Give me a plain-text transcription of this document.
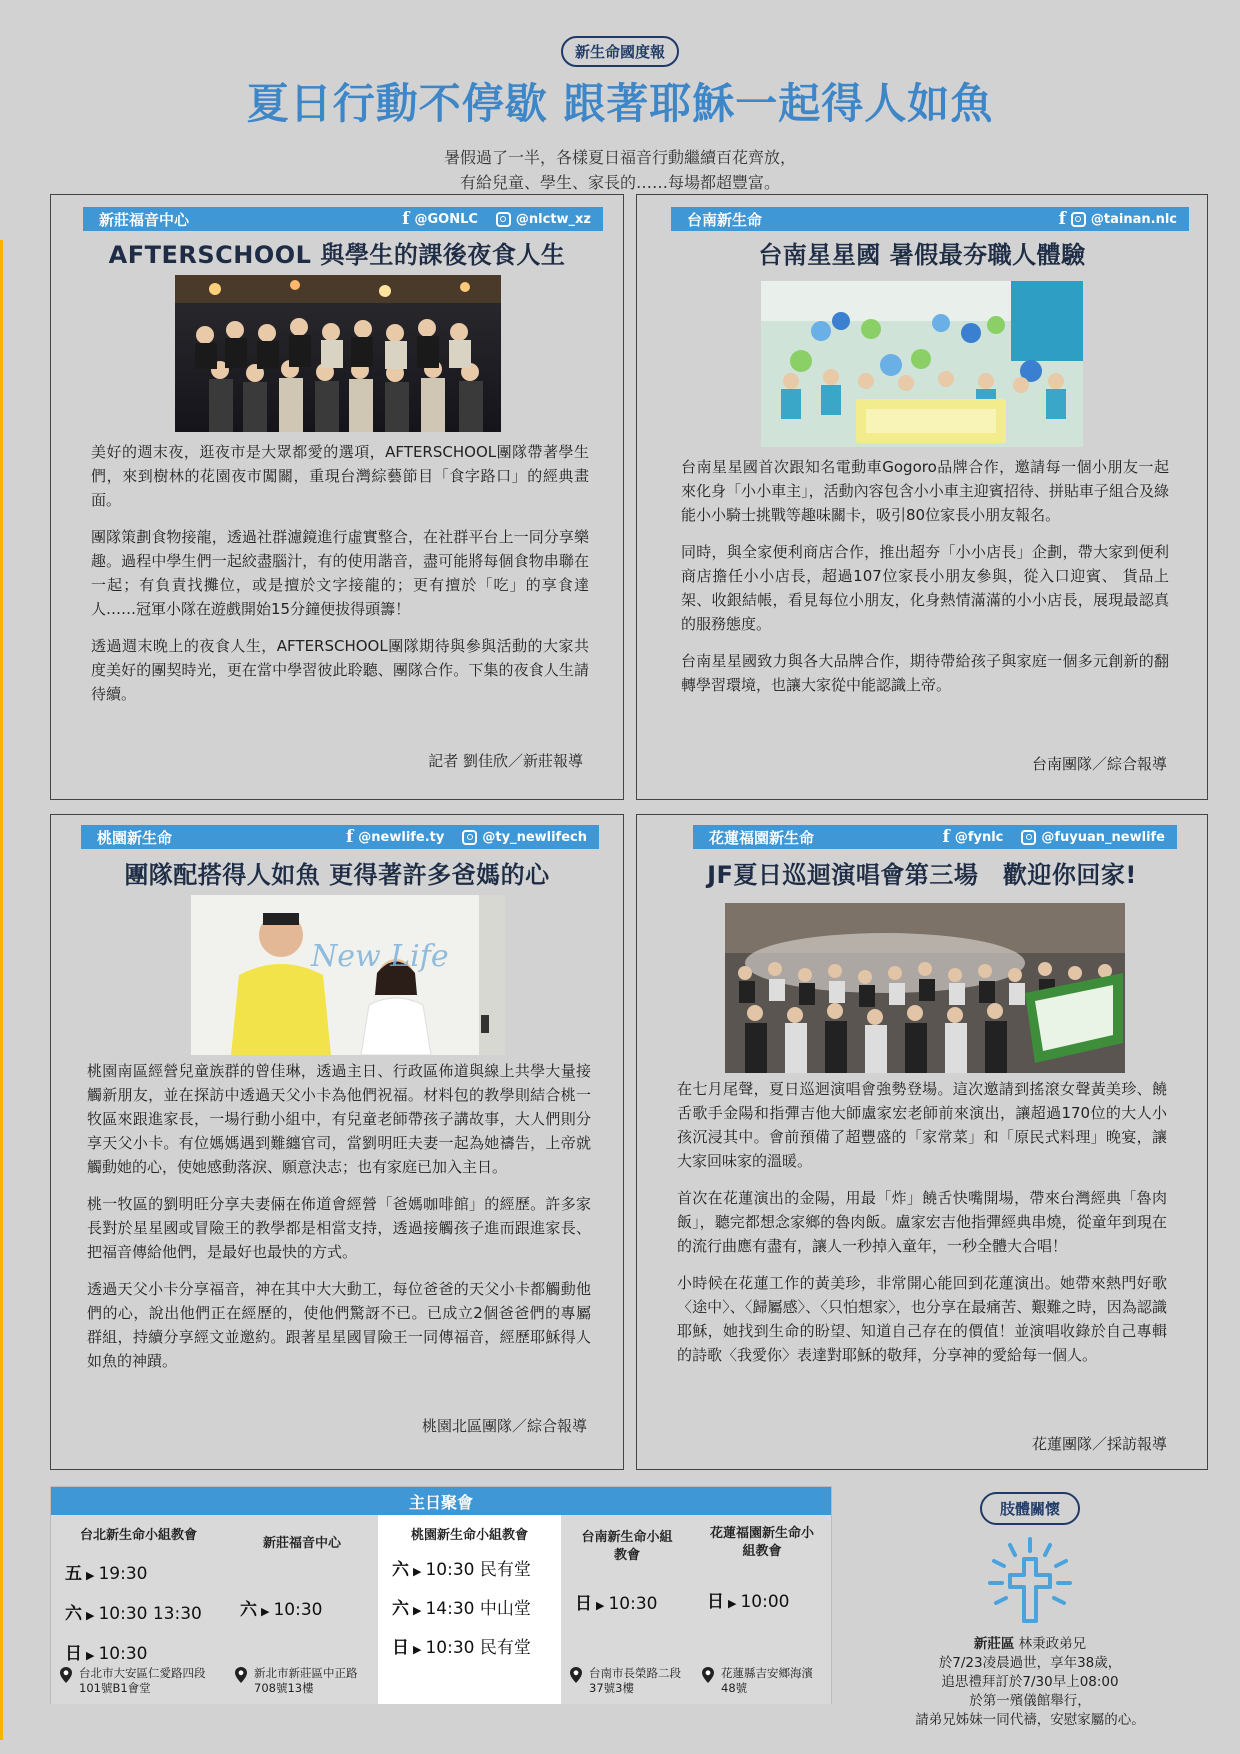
新生命國度報
夏日行動不停歇 跟著耶穌一起得人如魚
暑假過了一半，各樣夏日福音行動繼續百花齊放，
有給兒童、學生、家長的……每場都超豐富。
新莊福音中心	f @GONLC	@nlctw_xz
AFTERSCHOOL 與學生的課後夜食人生

美好的週末夜，逛夜市是大眾都愛的選項，AFTERSCHOOL團隊帶著學生們，來到樹林的花園夜市闖關，重現台灣綜藝節目「食字路口」的經典畫面。

團隊策劃食物接龍，透過社群濾鏡進行虛實整合，在社群平台上一同分享樂趣。過程中學生們一起絞盡腦汁，有的使用諧音，盡可能將每個食物串聯在一起；有負責找攤位，或是擅於文字接龍的；更有擅於「吃」的享食達人……冠軍小隊在遊戲開始15分鐘便拔得頭籌！

透過週末晚上的夜食人生，AFTERSCHOOL團隊期待與參與活動的大家共度美好的團契時光，更在當中學習彼此聆聽、團隊合作。下集的夜食人生請待續。

記者 劉佳欣／新莊報導
台南新生命	f @tainan.nlc
台南星星國 暑假最夯職人體驗

台南星星國首次跟知名電動車Gogoro品牌合作，邀請每一個小朋友一起來化身「小小車主」，活動內容包含小小車主迎賓招待、拼貼車子組合及綠能小小騎士挑戰等趣味關卡，吸引80位家長小朋友報名。

同時，與全家便利商店合作，推出超夯「小小店長」企劃，帶大家到便利商店擔任小小店長，超過107位家長小朋友參與，從入口迎賓、 貨品上架、收銀結帳，看見每位小朋友，化身熱情滿滿的小小店長，展現最認真的服務態度。

台南星星國致力與各大品牌合作，期待帶給孩子與家庭一個多元創新的翻轉學習環境，也讓大家從中能認識上帝。

台南團隊／綜合報導
桃園新生命	f @newlife.ty	@ty_newlifech
團隊配搭得人如魚 更得著許多爸媽的心
New Life

桃園南區經營兒童族群的曾佳琳，透過主日、行政區佈道與線上共學大量接觸新朋友，並在探訪中透過天父小卡為他們祝福。材料包的教學則結合桃一牧區來跟進家長，一場行動小組中，有兒童老師帶孩子講故事，大人們則分享天父小卡。有位媽媽遇到難纏官司，當劉明旺夫妻一起為她禱告，上帝就觸動她的心，使她感動落淚、願意決志；也有家庭已加入主日。

桃一牧區的劉明旺分享夫妻倆在佈道會經營「爸媽咖啡館」的經歷。許多家長對於星星國或冒險王的教學都是相當支持，透過接觸孩子進而跟進家長、把福音傳給他們，是最好也最快的方式。

透過天父小卡分享福音，神在其中大大動工，每位爸爸的天父小卡都觸動他們的心，說出他們正在經歷的，使他們驚訝不已。已成立2個爸爸們的專屬群組，持續分享經文並邀約。跟著星星國冒險王一同傳福音，經歷耶穌得人如魚的神蹟。

桃園北區團隊／綜合報導
花蓮福園新生命	f @fynlc	@fuyuan_newlife
JF夏日巡迴演唱會第三場　歡迎你回家!

在七月尾聲，夏日巡迴演唱會強勢登場。這次邀請到搖滾女聲黃美珍、饒舌歌手金陽和指彈吉他大師盧家宏老師前來演出，讓超過170位的大人小孩沉浸其中。會前預備了超豐盛的「家常菜」和「原民式料理」晚宴，讓大家回味家的溫暖。

首次在花蓮演出的金陽，用最「炸」饒舌快嘴開場，帶來台灣經典「魯肉飯」，聽完都想念家鄉的魯肉飯。盧家宏吉他指彈經典串燒，從童年到現在的流行曲應有盡有，讓人一秒掉入童年，一秒全體大合唱！

小時候在花蓮工作的黃美珍，非常開心能回到花蓮演出。她帶來熱門好歌〈途中〉、〈歸屬感〉、〈只怕想家〉，也分享在最痛苦、艱難之時，因為認識耶穌，她找到生命的盼望、知道自己存在的價值！並演唱收錄於自己專輯的詩歌〈我愛你〉表達對耶穌的敬拜，分享神的愛給每一個人。

花蓮團隊／採訪報導
主日聚會
台北新生命小組教會
五 ▶ 19:30
六 ▶ 10:30 13:30
日 ▶ 10:30
台北市大安區仁愛路四段101號B1會堂
新莊福音中心
六 ▶ 10:30
新北市新莊區中正路708號13樓
桃園新生命小組教會
六 ▶ 10:30 民有堂
六 ▶ 14:30 中山堂
日 ▶ 10:30 民有堂
台南新生命小組教會
日 ▶ 10:30
台南市長榮路二段37號3樓
花蓮福園新生命小組教會
日 ▶ 10:00
花蓮縣吉安鄉海濱48號
肢體關懷
新莊區 林秉政弟兄
於7/23凌晨過世，享年38歲，
追思禮拜訂於7/30早上08:00
於第一殯儀館舉行，
請弟兄姊妹一同代禱，安慰家屬的心。
